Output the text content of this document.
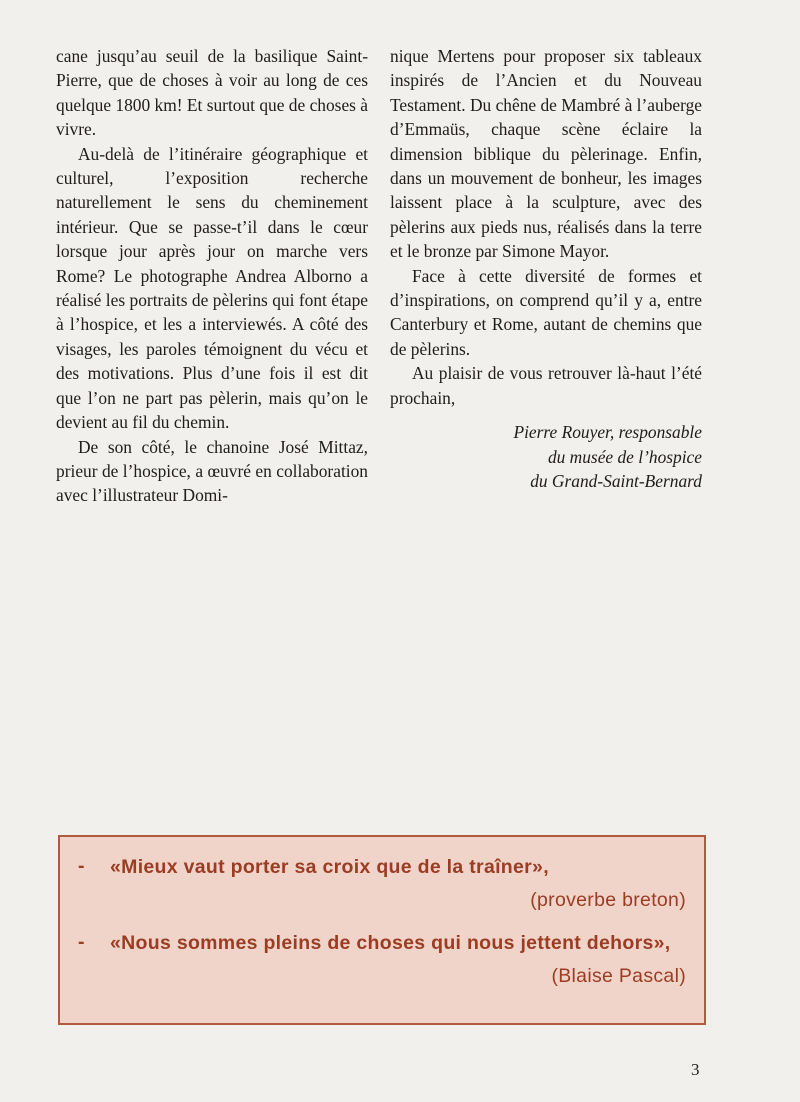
cane jusqu’au seuil de la basilique Saint-Pierre, que de choses à voir au long de ces quelque 1800 km! Et surtout que de choses à vivre.

Au-delà de l’itinéraire géographique et culturel, l’exposition recherche naturellement le sens du cheminement intérieur. Que se passe-t’il dans le cœur lorsque jour après jour on marche vers Rome? Le photographe Andrea Alborno a réalisé les portraits de pèlerins qui font étape à l’hospice, et les a interviewés. A côté des visages, les paroles témoignent du vécu et des motivations. Plus d’une fois il est dit que l’on ne part pas pèlerin, mais qu’on le devient au fil du chemin.

De son côté, le chanoine José Mittaz, prieur de l’hospice, a œuvré en collaboration avec l’illustrateur Domi-

nique Mertens pour proposer six tableaux inspirés de l’Ancien et du Nouveau Testament. Du chêne de Mambré à l’auberge d’Emmaüs, chaque scène éclaire la dimension biblique du pèlerinage. Enfin, dans un mouvement de bonheur, les images laissent place à la sculpture, avec des pèlerins aux pieds nus, réalisés dans la terre et le bronze par Simone Mayor.

Face à cette diversité de formes et d’inspirations, on comprend qu’il y a, entre Canterbury et Rome, autant de chemins que de pèlerins.

Au plaisir de vous retrouver là-haut l’été prochain,

Pierre Rouyer, responsable
du musée de l’hospice
du Grand-Saint-Bernard
-	«Mieux vaut porter sa croix que de la traîner»,
(proverbe breton)
-	«Nous sommes pleins de choses qui nous jettent dehors»,
(Blaise Pascal)
3
